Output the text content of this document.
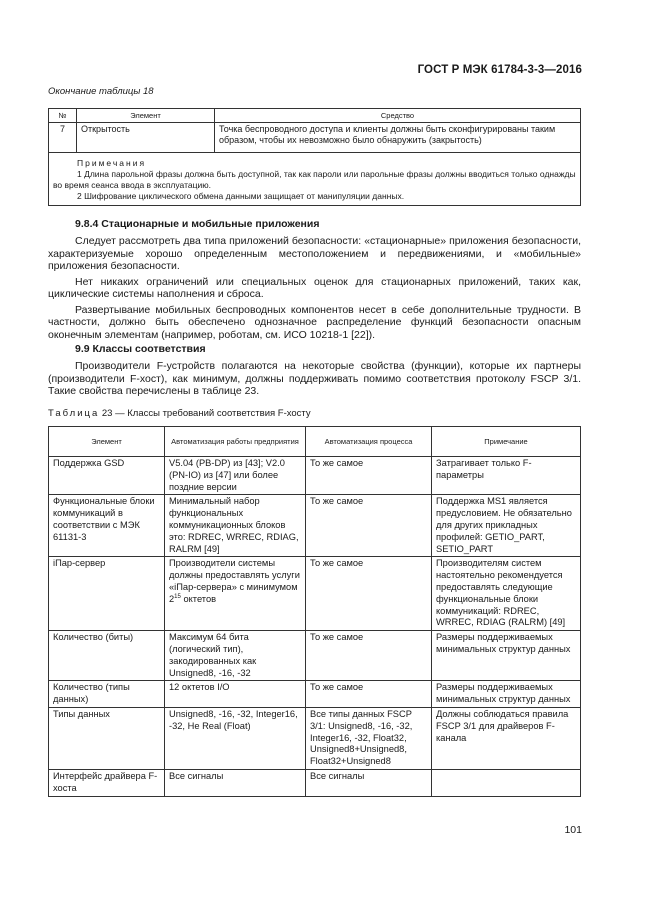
ГОСТ Р МЭК 61784-3-3—2016
Окончание таблицы 18
№	Элемент	Средство
7	Открытость	Точка беспроводного доступа и клиенты должны быть сконфигурированы таким образом, чтобы их невозможно было обнаружить (закрытость)

Примечания
1 Длина парольной фразы должна быть доступной, так как пароли или парольные фразы должны вводиться только однажды во время сеанса ввода в эксплуатацию.
2 Шифрование циклического обмена данными защищает от манипуляции данных.		
9.8.4 Стационарные и мобильные приложения

Следует рассмотреть два типа приложений безопасности: «стационарные» приложения безопасности, характеризуемые хорошо определенным местоположением и передвижениями, и «мобильные» приложения безопасности.

Нет никаких ограничений или специальных оценок для стационарных приложений, таких как, циклические системы наполнения и сброса.

Развертывание мобильных беспроводных компонентов несет в себе дополнительные трудности. В частности, должно быть обеспечено однозначное распределение функций безопасности опасным оконечным элементам (например, роботам, см. ИСО 10218-1 [22]).

9.9 Классы соответствия

Производители F-устройств полагаются на некоторые свойства (функции), которые их партнеры (производители F-хост), как минимум, должны поддерживать помимо соответствия протоколу FSCP 3/1. Такие свойства перечислены в таблице 23.

Таблица 23 — Классы требований соответствия F-хосту
Элемент	Автоматизация работы предприятия	Автоматизация процесса	Примечание
Поддержка GSD	V5.04 (PB-DP) из [43]; V2.0 (PN-IO) из [47] или более поздние версии	То же самое	Затрагивает только F-параметры
Функциональные блоки коммуникаций в соответствии с МЭК 61131-3	Минимальный набор функциональных коммуникационных блоков это: RDREC, WRREC, RDIAG, RALRM [49]	То же самое	Поддержка MS1 является предусловием. Не обязательно для других прикладных профилей: GETIO_PART, SETIO_PART
iПар-сервер	Производители системы должны предоставлять услуги «iПар-сервера» с минимумом $2^{15}$ октетов	То же самое	Производителям систем настоятельно рекомендуется предоставлять следующие функциональные блоки коммуникаций: RDREC, WRREC, RDIAG (RALRM) [49]
Количество (биты)	Максимум 64 бита (логический тип), закодированных как Unsigned8, -16, -32	То же самое	Размеры поддерживаемых минимальных структур данных
Количество (типы данных)	12 октетов I/O	То же самое	Размеры поддерживаемых минимальных структур данных
Типы данных	Unsigned8, -16, -32, Integer16, -32, Не Real (Float)	Все типы данных FSCP 3/1: Unsigned8, -16, -32, Integer16, -32, Float32, Unsigned8+Unsigned8, Float32+Unsigned8	Должны соблюдаться правила FSCP 3/1 для драйверов F-канала
Интерфейс драйвера F-хоста	Все сигналы	Все сигналы	
101
